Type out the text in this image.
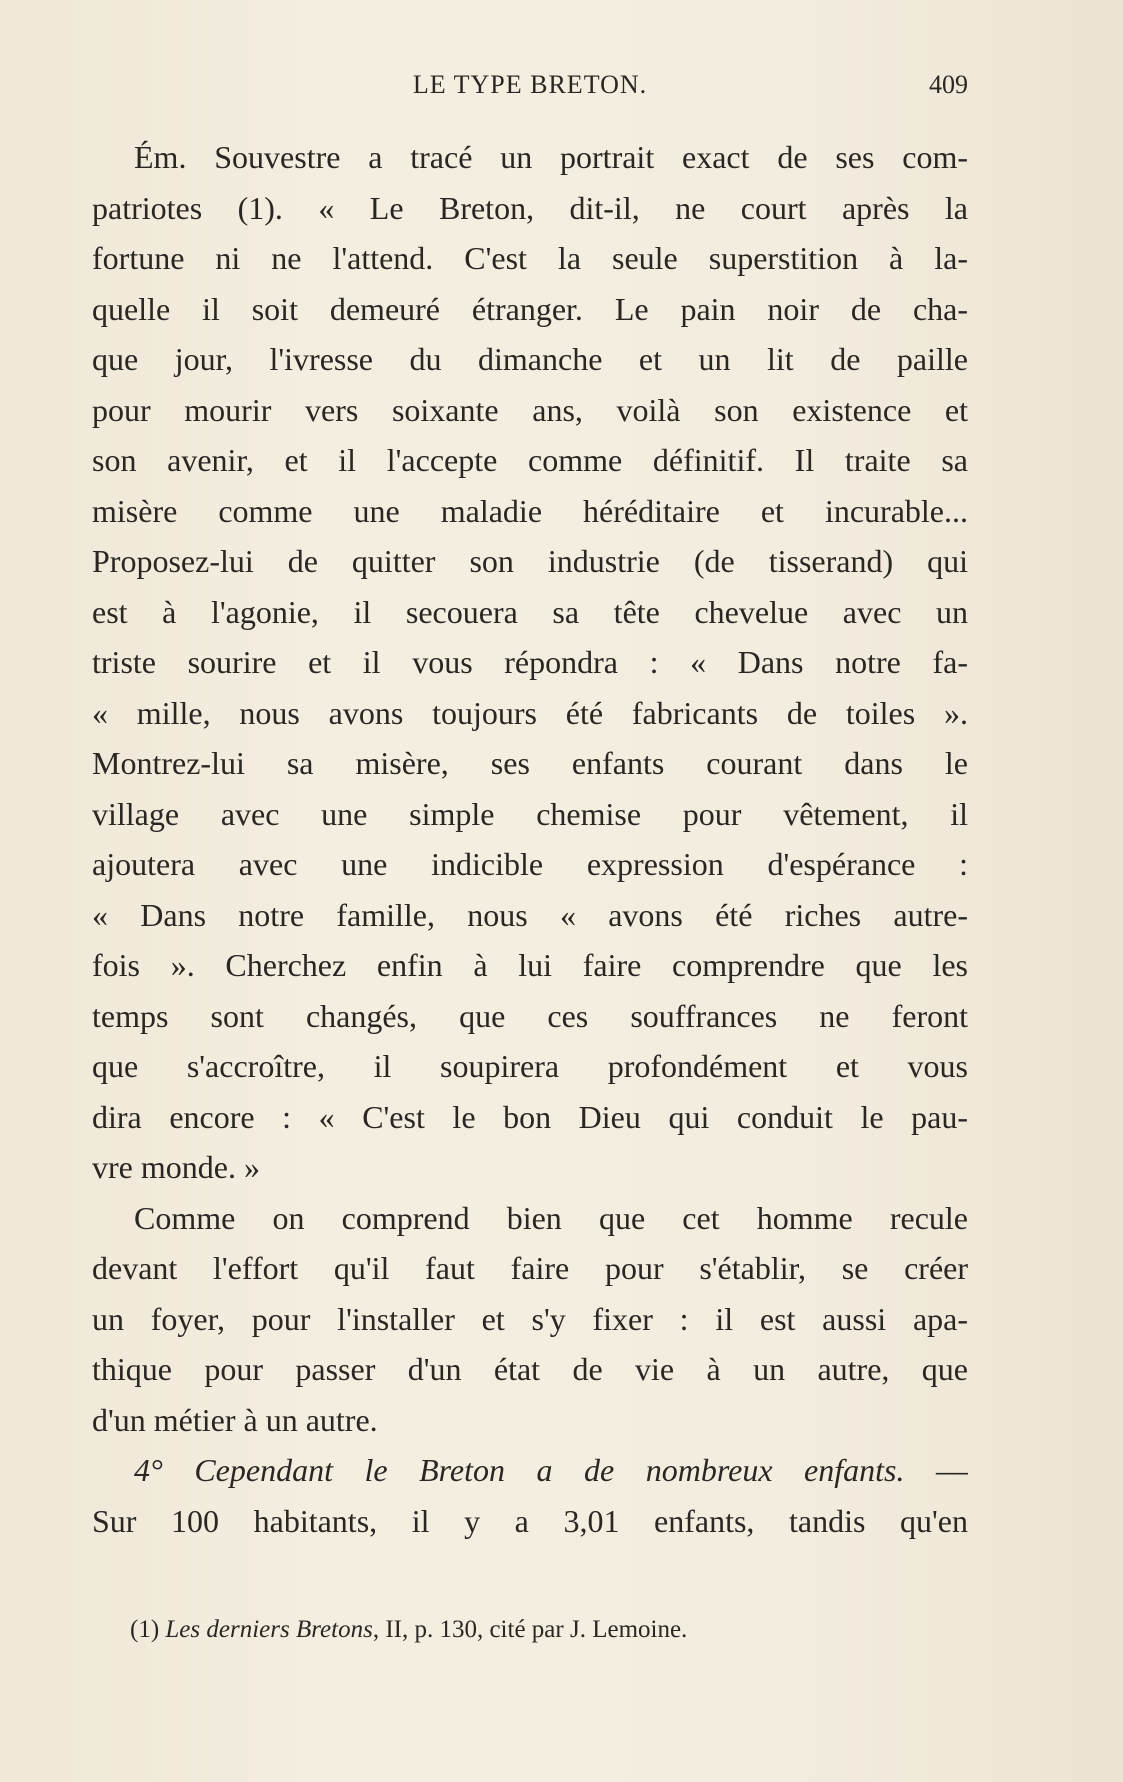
LE TYPE BRETON.	409
Ém. Souvestre a tracé un portrait exact de ses com-
patriotes (1). « Le Breton, dit-il, ne court après la
fortune ni ne l'attend. C'est la seule superstition à la-
quelle il soit demeuré étranger. Le pain noir de cha-
que jour, l'ivresse du dimanche et un lit de paille
pour mourir vers soixante ans, voilà son existence et
son avenir, et il l'accepte comme définitif. Il traite sa
misère comme une maladie héréditaire et incurable...
Proposez-lui de quitter son industrie (de tisserand) qui
est à l'agonie, il secouera sa tête chevelue avec un
triste sourire et il vous répondra : « Dans notre fa-
« mille, nous avons toujours été fabricants de toiles ».
Montrez-lui sa misère, ses enfants courant dans le
village avec une simple chemise pour vêtement, il
ajoutera avec une indicible expression d'espérance :
« Dans notre famille, nous « avons été riches autre-
fois ». Cherchez enfin à lui faire comprendre que les
temps sont changés, que ces souffrances ne feront
que s'accroître, il soupirera profondément et vous
dira encore : « C'est le bon Dieu qui conduit le pau-
vre monde. »
Comme on comprend bien que cet homme recule
devant l'effort qu'il faut faire pour s'établir, se créer
un foyer, pour l'installer et s'y fixer : il est aussi apa-
thique pour passer d'un état de vie à un autre, que
d'un métier à un autre.
4° Cependant le Breton a de nombreux enfants. —
Sur 100 habitants, il y a 3,01 enfants, tandis qu'en
(1) Les derniers Bretons, II, p. 130, cité par J. Lemoine.
